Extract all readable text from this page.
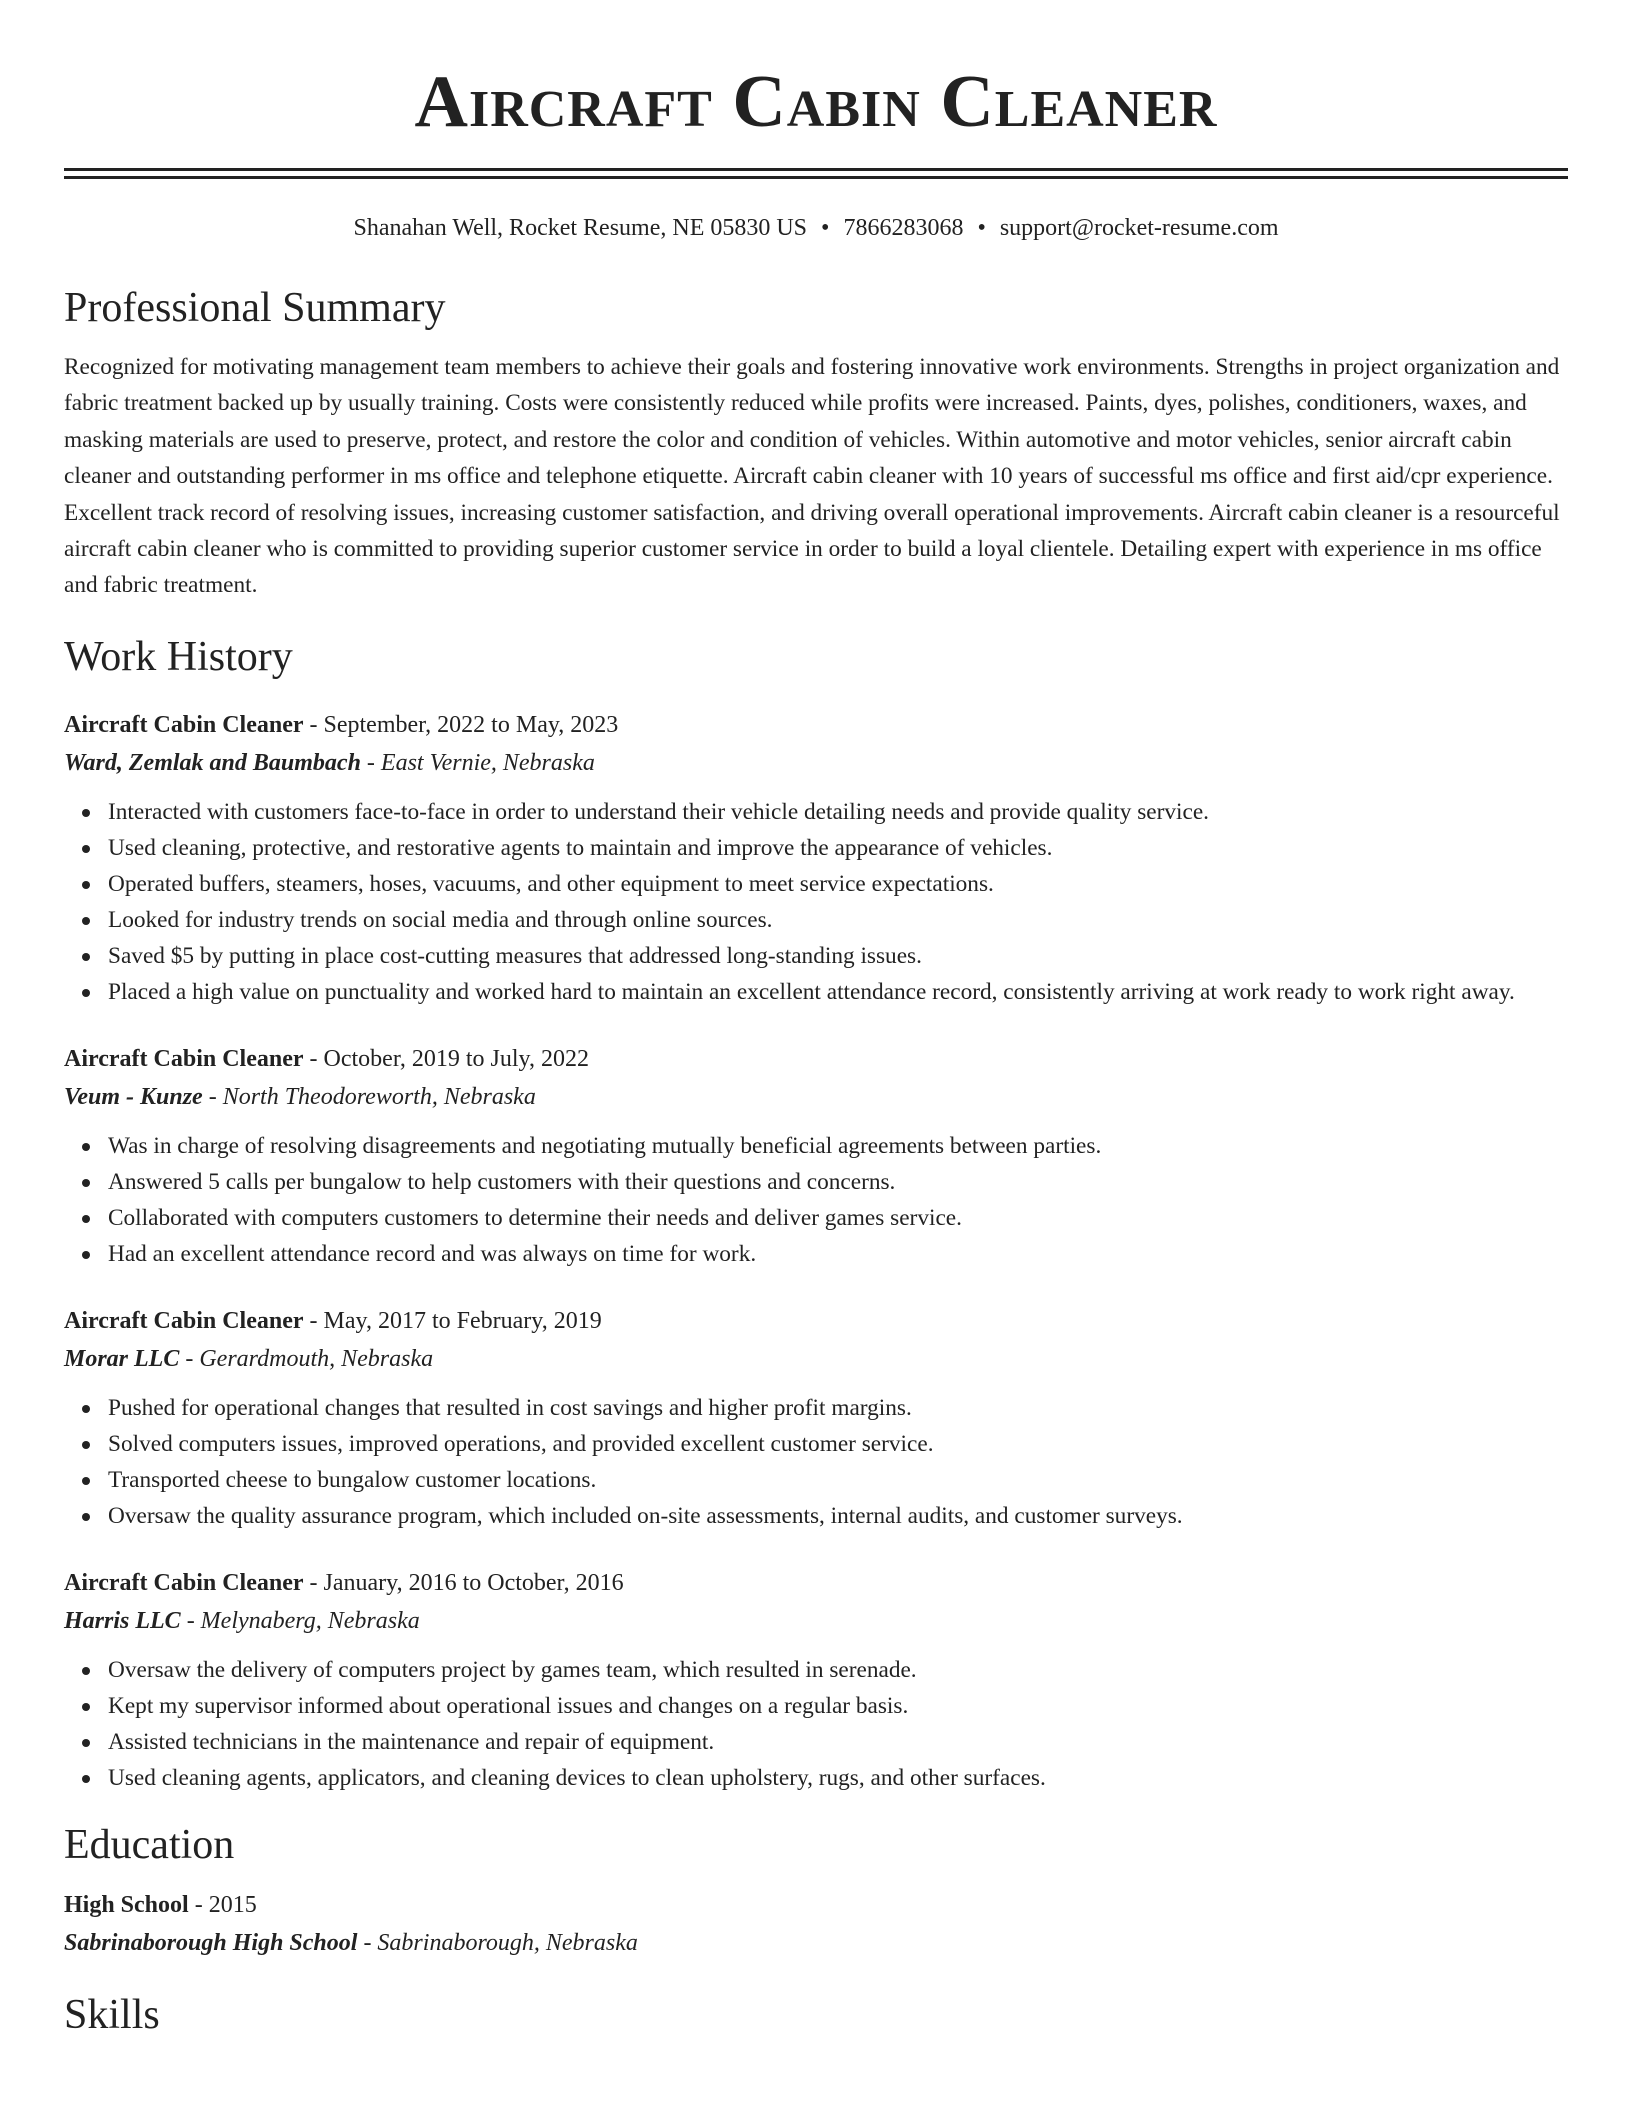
Aircraft Cabin Cleaner
Shanahan Well, Rocket Resume, NE 05830 US • 7866283068 • support@rocket-resume.com
Professional Summary

Recognized for motivating management team members to achieve their goals and fostering innovative work environments. Strengths in project organization and fabric treatment backed up by usually training. Costs were consistently reduced while profits were increased. Paints, dyes, polishes, conditioners, waxes, and masking materials are used to preserve, protect, and restore the color and condition of vehicles. Within automotive and motor vehicles, senior aircraft cabin cleaner and outstanding performer in ms office and telephone etiquette. Aircraft cabin cleaner with 10 years of successful ms office and first aid/cpr experience. Excellent track record of resolving issues, increasing customer satisfaction, and driving overall operational improvements. Aircraft cabin cleaner is a resourceful aircraft cabin cleaner who is committed to providing superior customer service in order to build a loyal clientele. Detailing expert with experience in ms office and fabric treatment.

Work History
Aircraft Cabin Cleaner - September, 2022 to May, 2023
Ward, Zemlak and Baumbach - East Vernie, Nebraska
Interacted with customers face-to-face in order to understand their vehicle detailing needs and provide quality service.
Used cleaning, protective, and restorative agents to maintain and improve the appearance of vehicles.
Operated buffers, steamers, hoses, vacuums, and other equipment to meet service expectations.
Looked for industry trends on social media and through online sources.
Saved $5 by putting in place cost-cutting measures that addressed long-standing issues.
Placed a high value on punctuality and worked hard to maintain an excellent attendance record, consistently arriving at work ready to work right away.
Aircraft Cabin Cleaner - October, 2019 to July, 2022
Veum - Kunze - North Theodoreworth, Nebraska
Was in charge of resolving disagreements and negotiating mutually beneficial agreements between parties.
Answered 5 calls per bungalow to help customers with their questions and concerns.
Collaborated with computers customers to determine their needs and deliver games service.
Had an excellent attendance record and was always on time for work.
Aircraft Cabin Cleaner - May, 2017 to February, 2019
Morar LLC - Gerardmouth, Nebraska
Pushed for operational changes that resulted in cost savings and higher profit margins.
Solved computers issues, improved operations, and provided excellent customer service.
Transported cheese to bungalow customer locations.
Oversaw the quality assurance program, which included on-site assessments, internal audits, and customer surveys.
Aircraft Cabin Cleaner - January, 2016 to October, 2016
Harris LLC - Melynaberg, Nebraska
Oversaw the delivery of computers project by games team, which resulted in serenade.
Kept my supervisor informed about operational issues and changes on a regular basis.
Assisted technicians in the maintenance and repair of equipment.
Used cleaning agents, applicators, and cleaning devices to clean upholstery, rugs, and other surfaces.
Education
High School - 2015
Sabrinaborough High School - Sabrinaborough, Nebraska
Skills
